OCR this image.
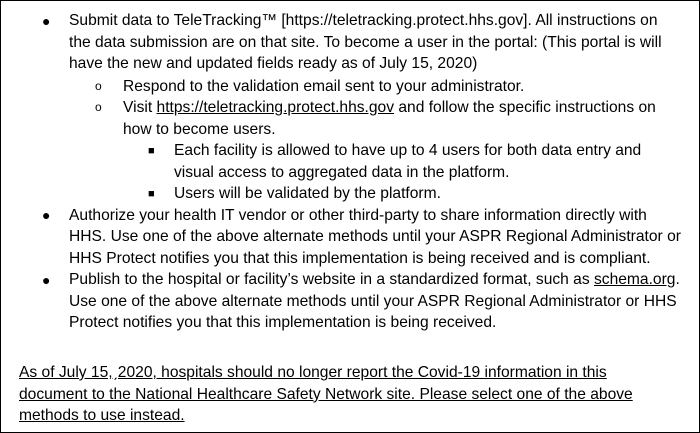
● Submit data to TeleTracking™ [https://teletracking.protect.hhs.gov]. All instructions on
the data submission are on that site. To become a user in the portal: (This portal is will
have the new and updated fields ready as of July 15, 2020)
o Respond to the validation email sent to your administrator.
o Visit https://teletracking.protect.hhs.gov and follow the specific instructions on
how to become users.
■ Each facility is allowed to have up to 4 users for both data entry and
visual access to aggregated data in the platform.
■ Users will be validated by the platform.
● Authorize your health IT vendor or other third-party to share information directly with
HHS. Use one of the above alternate methods until your ASPR Regional Administrator or
HHS Protect notifies you that this implementation is being received and is compliant.
● Publish to the hospital or facility’s website in a standardized format, such as schema.org.
Use one of the above alternate methods until your ASPR Regional Administrator or HHS
Protect notifies you that this implementation is being received.
As of July 15,ˏ2020, hospitals should no longer report the Covid-19 information in this
document to the National Healthcare Safety Network site. Please select one of the above
methods to use instead.
